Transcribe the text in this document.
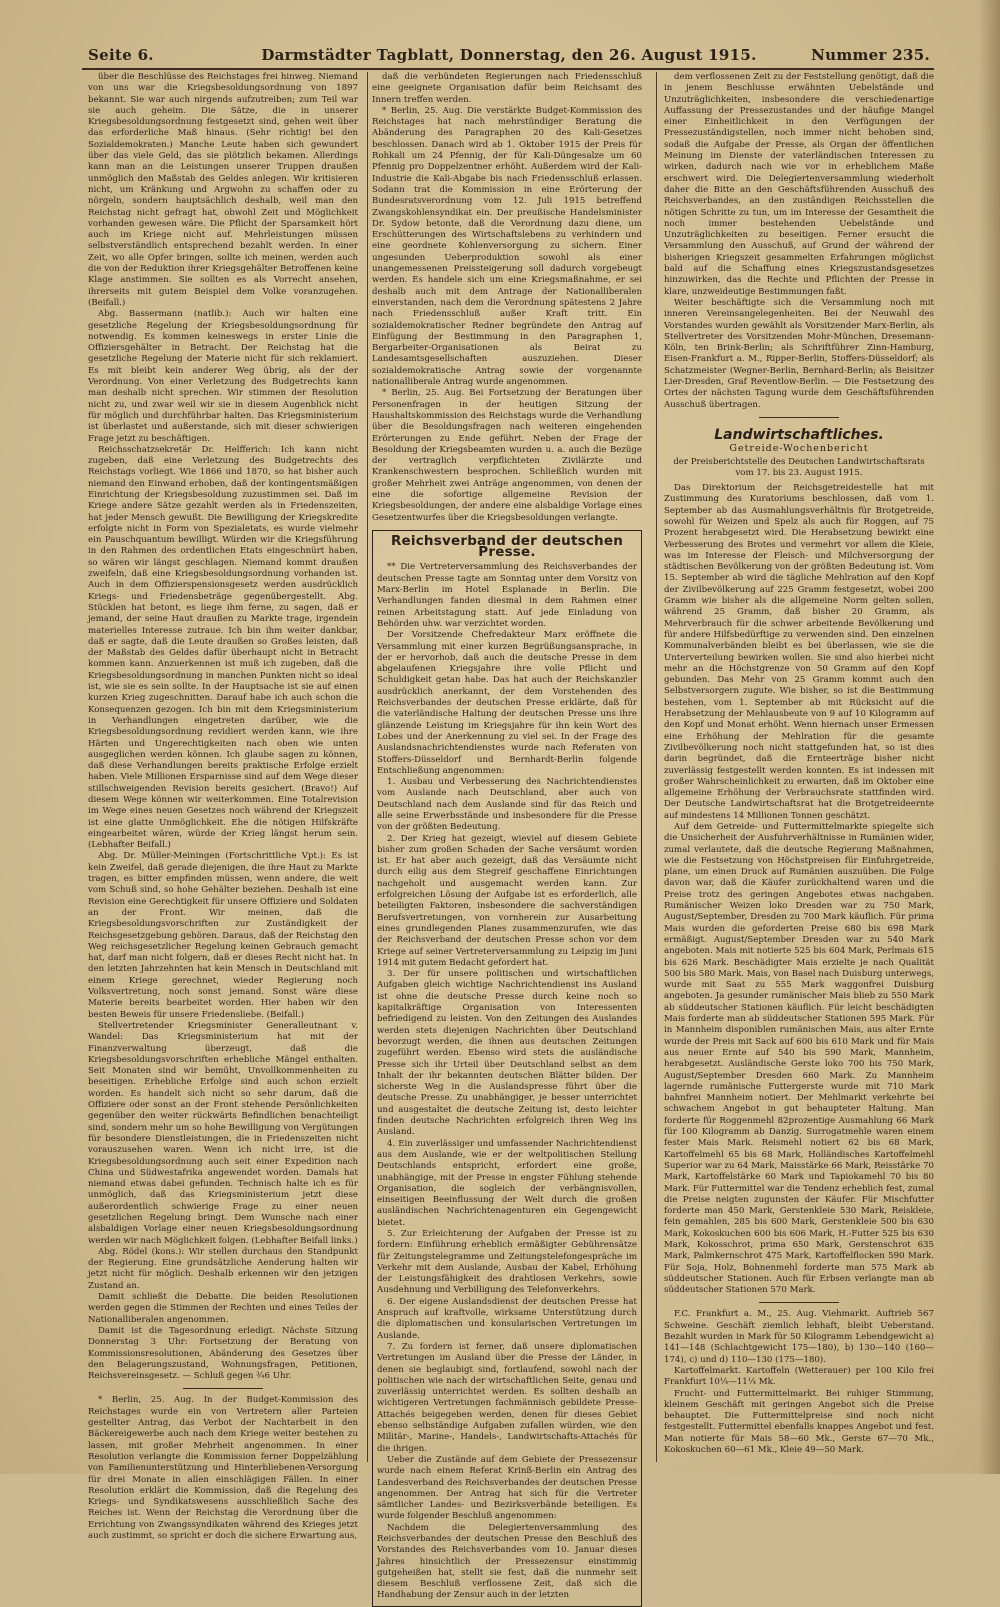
Darmstädter Tagblatt, Donnerstag, den 26. August 1915.
Seite 6.	Nummer 235.

über die Beschlüsse des Reichstages frei hinweg. Niemand von uns war die Kriegsbesoldungsordnung von 1897 bekannt. Sie war auch nirgends aufzutreiben; zum Teil war sie auch geheim. Die Sätze, die in unserer Kriegsbesoldungsordnung festgesetzt sind, gehen weit über das erforderliche Maß hinaus. (Sehr richtig! bei den Sozialdemokraten.) Manche Leute haben sich gewundert über das viele Geld, das sie plötzlich bekamen. Allerdings kann man an die Leistungen unserer Truppen draußen unmöglich den Maßstab des Geldes anlegen. Wir kritisieren nicht, um Kränkung und Argwohn zu schaffen oder zu nörgeln, sondern hauptsächlich deshalb, weil man den Reichstag nicht gefragt hat, obwohl Zeit und Möglichkeit vorhanden gewesen wäre. Die Pflicht der Sparsamkeit hört auch im Kriege nicht auf. Mehrleistungen müssen selbstverständlich entsprechend bezahlt werden. In einer Zeit, wo alle Opfer bringen, sollte ich meinen, werden auch die von der Reduktion ihrer Kriegsgehälter Betroffenen keine Klage anstimmen. Sie sollten es als Vorrecht ansehen, ihrerseits mit gutem Beispiel dem Volke voranzugehen. (Beifall.)

Abg. Bassermann (natlib.): Auch wir halten eine gesetzliche Regelung der Kriegsbesoldungsordnung für notwendig. Es kommen keineswegs in erster Linie die Offiziersgehälter in Betracht. Der Reichstag hat die gesetzliche Regelung der Materie nicht für sich reklamiert. Es mit bleibt kein anderer Weg übrig, als der der Verordnung. Von einer Verletzung des Budgetrechts kann man deshalb nicht sprechen. Wir stimmen der Resolution nicht zu, und zwar weil wir sie in diesem Augenblick nicht für möglich und durchführbar halten. Das Kriegsministerium ist überlastet und außerstande, sich mit dieser schwierigen Frage jetzt zu beschäftigen.

Reichsschatzsekretär Dr. Helfferich: Ich kann nicht zugeben, daß eine Verletzung des Budgetrechts des Reichstags vorliegt. Wie 1866 und 1870, so hat bisher auch niemand den Einwand erhoben, daß der kontingentsmäßigen Einrichtung der Kriegsbesoldung zuzustimmen sei. Daß im Kriege andere Sätze gezahlt werden als in Friedenszeiten, hat jeder Mensch gewußt. Die Bewilligung der Kriegskredite erfolgte nicht in Form von Spezialetats, es wurde vielmehr ein Pauschquantum bewilligt. Würden wir die Kriegsführung in den Rahmen des ordentlichen Etats eingeschnürt haben, so wären wir längst geschlagen. Niemand kommt draußen zweifeln, daß eine Kriegsbesoldungsordnung vorhanden ist. Auch in dem Offizierspensionsgesetz werden ausdrücklich Kriegs- und Friedensbeträge gegenübergestellt. Abg. Stücklen hat betont, es liege ihm ferne, zu sagen, daß er jemand, der seine Haut draußen zu Markte trage, irgendein materielles Interesse zutraue. Ich bin ihm weiter dankbar, daß er sagte, daß die Leute draußen so Großes leisten, daß der Maßstab des Geldes dafür überhaupt nicht in Betracht kommen kann. Anzuerkennen ist muß ich zugeben, daß die Kriegsbesoldungsordnung in manchen Punkten nicht so ideal ist, wie sie es sein sollte. In der Hauptsache ist sie auf einen kurzen Krieg zugeschnitten. Darauf habe ich auch schon die Konsequenzen gezogen. Ich bin mit dem Kriegsministerium in Verhandlungen eingetreten darüber, wie die Kriegsbesoldungsordnung revidiert werden kann, wie ihre Härten und Ungerechtigkeiten nach oben wie unten ausgeglichen werden können. Ich glaube sagen zu können, daß diese Verhandlungen bereits praktische Erfolge erzielt haben. Viele Millionen Ersparnisse sind auf dem Wege dieser stillschweigenden Revision bereits gesichert. (Bravo!) Auf diesem Wege können wir weiterkommen. Eine Totalrevision im Wege eines neuen Gesetzes noch während der Kriegszeit ist eine glatte Unmöglichkeit. Ehe die nötigen Hilfskräfte eingearbeitet wären, würde der Krieg längst herum sein. (Lebhafter Beifall.)

Abg. Dr. Müller-Meiningen (Fortschrittliche Vpt.): Es ist kein Zweifel, daß gerade diejenigen, die ihre Haut zu Markte tragen, es bitter empfinden müssen, wenn andere, die weit vom Schuß sind, so hohe Gehälter beziehen. Deshalb ist eine Revision eine Gerechtigkeit für unsere Offiziere und Soldaten an der Front. Wir meinen, daß die Kriegsbesoldungsvorschriften zur Zuständigkeit der Reichsgesetzgebung gehören. Daraus, daß der Reichstag den Weg reichsgesetzlicher Regelung keinen Gebrauch gemacht hat, darf man nicht folgern, daß er dieses Recht nicht hat. In den letzten Jahrzehnten hat kein Mensch in Deutschland mit einem Kriege gerechnet, wieder Regierung noch Volksvertretung, noch sonst jemand. Sonst wäre diese Materie bereits bearbeitet worden. Hier haben wir den besten Beweis für unsere Friedensliebe. (Beifall.)

Stellvertretender Kriegsminister Generalleutnant v. Wandel: Das Kriegsministerium hat mit der Finanzverwaltung überzeugt, daß die Kriegsbesoldungsvorschriften erhebliche Mängel enthalten. Seit Monaten sind wir bemüht, Unvollkommenheiten zu beseitigen. Erhebliche Erfolge sind auch schon erzielt worden. Es handelt sich nicht so sehr darum, daß die Offiziere oder sonst an der Front stehende Persönlichkeiten gegenüber den weiter rückwärts Befindlichen benachteiligt sind, sondern mehr um so hohe Bewilligung von Vergütungen für besondere Dienstleistungen, die in Friedenszeiten nicht vorauszusehen waren. Wenn ich nicht irre, ist die Kriegsbesoldungsordnung auch seit einer Expedition nach China und Südwestafrika angewendet worden. Damals hat niemand etwas dabei gefunden. Technisch halte ich es für unmöglich, daß das Kriegsministerium jetzt diese außerordentlich schwierige Frage zu einer neuen gesetzlichen Regelung bringt. Dem Wunsche nach einer alsbaldigen Vorlage einer neuen Kriegsbesoldungsordnung werden wir nach Möglichkeit folgen. (Lebhafter Beifall links.)

Abg. Rödel (kons.): Wir stellen durchaus den Standpunkt der Regierung. Eine grundsätzliche Aenderung halten wir jetzt nicht für möglich. Deshalb erkennen wir den jetzigen Zustand an.

Damit schließt die Debatte. Die beiden Resolutionen werden gegen die Stimmen der Rechten und eines Teiles der Nationalliberalen angenommen.

Damit ist die Tagesordnung erledigt. Nächste Sitzung Donnerstag 3 Uhr: Fortsetzung der Beratung von Kommissionsresolutionen, Abänderung des Gesetzes über den Belagerungszustand, Wohnungsfragen, Petitionen, Reichsvereinsgesetz. — Schluß gegen ¾6 Uhr.

* Berlin, 25. Aug. In der Budget-Kommission des Reichstages wurde ein von Vertretern aller Parteien gestellter Antrag, das Verbot der Nachtarbeit in den Bäckereigewerbe auch nach dem Kriege weiter bestehen zu lassen, mit großer Mehrheit angenommen. In einer Resolution verlangte die Kommission ferner Doppelzählung von Familienunterstützung und Hinterbliebenen-Versorgung für drei Monate in allen einschlägigen Fällen. In einer Resolution erklärt die Kommission, daß die Regelung des Kriegs- und Syndikatswesens ausschließlich Sache des Reiches ist. Wenn der Reichstag die Verordnung über die Errichtung von Zwangssyndikaten während des Krieges jetzt auch zustimmt, so spricht er doch die sichere Erwartung aus,

daß die verbündeten Regierungen nach Friedensschluß eine geeignete Organisation dafür beim Reichsamt des Innern treffen werden.

* Berlin, 25. Aug. Die verstärkte Budget-Kommission des Reichstages hat nach mehrstündiger Beratung die Abänderung des Paragraphen 20 des Kali-Gesetzes beschlossen. Danach wird ab 1. Oktober 1915 der Preis für Rohkali um 24 Pfennig, der für Kali-Düngesalze um 60 Pfennig pro Doppelzentner erhöht. Außerdem wird der Kali-Industrie die Kali-Abgabe bis nach Friedensschluß erlassen. Sodann trat die Kommission in eine Erörterung der Bundesratsverordnung vom 12. Juli 1915 betreffend Zwangskohlensyndikat ein. Der preußische Handelsminister Dr. Sydow betonte, daß die Verordnung dazu diene, um Erschütterungen des Wirtschaftslebens zu verhindern und eine geordnete Kohlenversorgung zu sichern. Einer ungesunden Ueberproduktion sowohl als einer unangemessenen Preissteigerung soll dadurch vorgebeugt werden. Es handele sich um eine Kriegsmaßnahme, er sei deshalb auch mit dem Antrage der Nationalliberalen einverstanden, nach dem die Verordnung spätestens 2 Jahre nach Friedensschluß außer Kraft tritt. Ein sozialdemokratischer Redner begründete den Antrag auf Einfügung der Bestimmung in den Paragraphen 1, Bergarbeiter-Organisationen als Beirat zu Landesamtsgesellschaften auszuziehen. Dieser sozialdemokratische Antrag sowie der vorgenannte nationalliberale Antrag wurde angenommen.

* Berlin, 25. Aug. Bei Fortsetzung der Beratungen über Personenfragen in der heutigen Sitzung der Haushaltskommission des Reichstags wurde die Verhandlung über die Besoldungsfragen nach weiteren eingehenden Erörterungen zu Ende geführt. Neben der Frage der Besoldung der Kriegsbeamten wurden u. a. auch die Bezüge der vertraglich verpflichteten Zivilärzte und Krankenschwestern besprochen. Schließlich wurden mit großer Mehrheit zwei Anträge angenommen, von denen der eine die sofortige allgemeine Revision der Kriegsbesoldungen, der andere eine alsbaldige Vorlage eines Gesetzentwurfes über die Kriegsbesoldungen verlangte.

Reichsverband der deutschen Presse.

** Die Vertreterversammlung des Reichsverbandes der deutschen Presse tagte am Sonntag unter dem Vorsitz von Marx-Berlin im Hotel Esplanade in Berlin. Die Verhandlungen fanden diesmal in dem Rahmen einer reinen Arbeitstagung statt. Auf jede Einladung von Behörden uhw. war verzichtet worden.

Der Vorsitzende Chefredakteur Marx eröffnete die Versammlung mit einer kurzen Begrüßungsansprache, in der er hervorhob, daß auch die deutsche Presse in dem abgelaufenen Kriegsjahre ihre volle Pflicht und Schuldigkeit getan habe. Das hat auch der Reichskanzler ausdrücklich anerkannt, der dem Vorstehenden des Reichsverbandes der deutschen Presse erklärte, daß für die vaterländische Haltung der deutschen Presse uns ihre glänzende Leistung im Kriegsjahre für ihn kein Wort des Lobes und der Anerkennung zu viel sei. In der Frage des Auslandsnachrichtendienstes wurde nach Referaten von Stoffers-Düsseldorf und Bernhardt-Berlin folgende Entschließung angenommen:

1. Ausbau und Verbesserung des Nachrichtendienstes vom Auslande nach Deutschland, aber auch von Deutschland nach dem Auslande sind für das Reich und alle seine Erwerbsstände und insbesondere für die Presse von der größten Bedeutung.

2. Der Krieg hat gezeigt, wieviel auf diesem Gebiete bisher zum großen Schaden der Sache versäumt worden ist. Er hat aber auch gezeigt, daß das Versäumte nicht durch eilig aus dem Stegreif geschaffene Einrichtungen nachgeholt und ausgemacht werden kann. Zur erfolgreichen Lösung der Aufgabe ist es erforderlich, alle beteiligten Faktoren, insbesondere die sachverständigen Berufsvertretungen, von vornherein zur Ausarbeitung eines grundlegenden Planes zusammenzurufen, wie das der Reichsverband der deutschen Presse schon vor dem Kriege auf seiner Vertreterversammlung zu Leipzig im Juni 1914 mit gutem Bedacht gefordert hat.

3. Der für unsere politischen und wirtschaftlichen Aufgaben gleich wichtige Nachrichtendienst ins Ausland ist ohne die deutsche Presse durch keine noch so kapitalkräftige Organisation von Interessenten befriedigend zu leisten. Von den Zeitungen des Auslandes werden stets diejenigen Nachrichten über Deutschland bevorzugt werden, die ihnen aus deutschen Zeitungen zugeführt werden. Ebenso wird stets die ausländische Presse sich ihr Urteil über Deutschland selbst an dem Inhalt der ihr bekannten deutschen Blätter bilden. Der sicherste Weg in die Auslandspresse führt über die deutsche Presse. Zu unabhängiger, je besser unterrichtet und ausgestaltet die deutsche Zeitung ist, desto leichter finden deutsche Nachrichten erfolgreich ihren Weg ins Ausland.

4. Ein zuverlässiger und umfassender Nachrichtendienst aus dem Auslande, wie er der weltpolitischen Stellung Deutschlands entspricht, erfordert eine große, unabhängige, mit der Presse in engster Fühlung stehende Organisation, die sogleich der verbängnisvollen, einseitigen Beeinflussung der Welt durch die großen ausländischen Nachrichtenagenturen ein Gegengewicht bietet.

5. Zur Erleichterung der Aufgaben der Presse ist zu fordern: Einführung erheblich ermäßigter Gebührensätze für Zeitungstelegramme und Zeitungstelefongespräche im Verkehr mit dem Auslande, Ausbau der Kabel, Erhöhung der Leistungsfähigkeit des drahtlosen Verkehrs, sowie Ausdehnung und Verbilligung des Telefonverkehrs.

6. Der eigene Auslandsdienst der deutschen Presse hat Anspruch auf kraftvolle, wirksame Unterstützung durch die diplomatischen und konsularischen Vertretungen im Auslande.

7. Zu fordern ist ferner, daß unsere diplomatischen Vertretungen im Ausland über die Presse der Länder, in denen sie beglaubigt sind, fortlaufend, sowohl nach der politischen wie nach der wirtschaftlichen Seite, genau und zuverlässig unterrichtet werden. Es sollten deshalb an wichtigeren Vertretungen fachmännisch gebildete Presse-Attachés beigegeben werden, denen für dieses Gebiet ebenso selbständige Aufgaben zufallen würden, wie den Militär-, Marine-, Handels-, Landwirtschafts-Attachés für die ihrigen.

Ueber die Zustände auf dem Gebiete der Pressezensur wurde nach einem Referat Krinß-Berlin ein Antrag des Landesverband des Reichsverbandes der deutschen Presse angenommen. Der Antrag hat sich für die Vertreter sämtlicher Landes- und Bezirksverbände beteiligen. Es wurde folgender Beschluß angenommen:

Nachdem die Delegiertenversammlung des Reichsverbandes der deutschen Presse den Beschluß des Vorstandes des Reichsverbandes vom 10. Januar dieses Jahres hinsichtlich der Pressezensur einstimmig gutgeheißen hat, stellt sie fest, daß die nunmehr seit diesem Beschluß verflossene Zeit, daß sich die Handhabung der Zensur auch in der letzten

dem verflossenen Zeit zu der Feststellung genötigt, daß die in jenem Beschlusse erwähnten Uebelstände und Unzuträglichkeiten, insbesondere die verschiedenartige Auffassung der Pressezustandes und der häufige Mangel einer Einheitlichkeit in den Verfügungen der Pressezuständigstellen, noch immer nicht behoben sind, sodaß die Aufgabe der Presse, als Organ der öffentlichen Meinung im Dienste der vaterländischen Interessen zu wirken, dadurch nach wie vor in erheblichem Maße erschwert wird. Die Delegiertenversammlung wiederholt daher die Bitte an den Geschäftsführenden Ausschuß des Reichsverbandes, an den zuständigen Reichsstellen die nötigen Schritte zu tun, um im Interesse der Gesamtheit die noch immer bestehenden Uebelstände und Unzuträglichkeiten zu beseitigen. Ferner ersucht die Versammlung den Ausschuß, auf Grund der während der bisherigen Kriegszeit gesammelten Erfahrungen möglichst bald auf die Schaffung eines Kriegszustandsgesetzes hinzuwirken, das die Rechte und Pflichten der Presse in klare, unzweideutige Bestimmungen faßt.

Weiter beschäftigte sich die Versammlung noch mit inneren Vereinsangelegenheiten. Bei der Neuwahl des Vorstandes wurden gewählt als Vorsitzender Marx-Berlin, als Stellvertreter des Vorsitzenden Mohr-München, Dresemann-Köln, ten Brink-Berlin; als Schriftführer Zinn-Hamburg, Eisen-Frankfurt a. M., Ripper-Berlin, Stoffers-Düsseldorf; als Schatzmeister (Wegner-Berlin, Bernhard-Berlin; als Beisitzer Lier-Dresden, Graf Reventlow-Berlin. — Die Festsetzung des Ortes der nächsten Tagung wurde dem Geschäftsführenden Ausschuß übertragen.

Landwirtschaftliches.
Getreide-Wochenbericht
der Preisberichtstelle des Deutschen Landwirtschaftsrats vom 17. bis 23. August 1915.

Das Direktorium der Reichsgetreidestelle hat mit Zustimmung des Kuratoriums beschlossen, daß vom 1. September ab das Ausmahlungsverhältnis für Brotgetreide, sowohl für Weizen und Spelz als auch für Roggen, auf 75 Prozent herabgesetzt wird. Die Herabsetzung bewirkt eine Verbesserung des Brotes und vermehrt vor allem die Kleie, was im Interesse der Fleisch- und Milchversorgung der städtischen Bevölkerung von der größten Bedeutung ist. Vom 15. September ab wird die tägliche Mehlration auf den Kopf der Zivilbevölkerung auf 225 Gramm festgesetzt, wobei 200 Gramm wie bisher als die allgemeine Norm gelten sollen, während 25 Gramm, daß bisher 20 Gramm, als Mehrverbrauch für die schwer arbeitende Bevölkerung und für andere Hilfsbedürftige zu verwenden sind. Den einzelnen Kommunalverbänden bleibt es bei überlassen, wie sie die Unterverteilung bewirken wollen. Sie sind also hierbei nicht mehr an die Höchstgrenze von 50 Gramm auf den Kopf gebunden. Das Mehr von 25 Gramm kommt auch den Selbstversorgern zugute. Wie bisher, so ist die Bestimmung bestehen, vom 1. September ab mit Rücksicht auf die Herabsetzung der Mehlausbeute von 9 auf 10 Kilogramm auf den Kopf und Monat erhöht. Wenn hiernach unser Ermessen eine Erhöhung der Mehlration für die gesamte Zivilbevölkerung noch nicht stattgefunden hat, so ist dies darin begründet, daß die Ernteerträge bisher nicht zuverlässig festgestellt werden konnten. Es ist indessen mit großer Wahrscheinlichkeit zu erwarten, daß im Oktober eine allgemeine Erhöhung der Verbrauchsrate stattfinden wird. Der Deutsche Landwirtschaftsrat hat die Brotgetreideernte auf mindestens 14 Millionen Tonnen geschätzt.

Auf dem Getreide- und Futtermittelmarkte spiegelte sich die Unsicherheit der Ausfuhrverhältnisse in Rumänien wider, zumal verlautete, daß die deutsche Regierung Maßnahmen, wie die Festsetzung von Höchstpreisen für Einfuhrgetreide, plane, um einen Druck auf Rumänien auszuüben. Die Folge davon war, daß die Käufer zurückhaltend waren und die Preise trotz des geringen Angebotes etwas nachgaben. Rumänischer Weizen loko Dresden war zu 750 Mark, August/September, Dresden zu 700 Mark käuflich. Für prima Mais wurden die geforderten Preise 680 bis 698 Mark ermäßigt. August/September Dresden war zu 540 Mark angeboten. Mais mit notierte 525 bis 604 Mark, Perlmais 615 bis 626 Mark. Beschädigter Mais erzielte je nach Qualität 500 bis 580 Mark. Mais, von Basel nach Duisburg unterwegs, wurde mit Saat zu 555 Mark waggonfrei Duisburg angeboten. Ja gesunder rumänischer Mais blieb zu 550 Mark ab süddeutscher Stationen käuflich. Für leicht beschädigten Mais forderte man ab süddeutscher Stationen 595 Mark. Für in Mannheim disponiblen rumänischen Mais, aus alter Ernte wurde der Preis mit Sack auf 600 bis 610 Mark und für Mais aus neuer Ernte auf 540 bis 590 Mark, Mannheim, herabgesetzt. Ausländische Gerste loko 700 bis 750 Mark, August/September Dresden 660 Mark. Zu Mannheim lagernde rumänische Futtergerste wurde mit 710 Mark bahnfrei Mannheim notiert. Der Mehlmarkt verkehrte bei schwachem Angebot in gut behaupteter Haltung. Man forderte für Roggenmehl 82prozentige Ausmahlung 66 Mark für 100 Kilogramm ab Danzig. Surrogatmehle waren einem fester Mais Mark. Reismehl notiert 62 bis 68 Mark, Kartoffelmehl 65 bis 68 Mark, Holländisches Kartoffelmehl Superior war zu 64 Mark, Maisstärke 66 Mark, Reisstärke 70 Mark, Kartoffelstärke 60 Mark und Tapiokamehl 70 bis 80 Mark. Für Futtermittel war die Tendenz erheblich fest, zumal die Preise neigten zugunsten der Käufer. Für Mischfutter forderte man 450 Mark, Gerstenkleie 530 Mark, Reiskleie, fein gemahlen, 285 bis 600 Mark, Gerstenkleie 500 bis 630 Mark, Kokoskuchen 600 bis 606 Mark, H.-Futter 525 bis 630 Mark, Kokosschrot, prima 650 Mark, Gerstenschrot 635 Mark, Palmkernschrot 475 Mark, Kartoffelflocken 590 Mark. Für Soja, Holz, Bohnenmehl forderte man 575 Mark ab süddeutscher Stationen. Auch für Erbsen verlangte man ab süddeutscher Stationen 570 Mark.

F.C. Frankfurt a. M., 25. Aug. Viehmarkt. Auftrieb 567 Schweine. Geschäft ziemlich lebhaft, bleibt Ueberstand. Bezahlt wurden in Mark für 50 Kilogramm Lebendgewicht a) 141—148 (Schlachtgewicht 175—180), b) 130—140 (160—174), c) und d) 110—130 (175—180).

Kartoffelmarkt. Kartoffeln (Wetterauer) per 100 Kilo frei Frankfurt 10¼—11¼ Mk.

Frucht- und Futtermittelmarkt. Bei ruhiger Stimmung, kleinem Geschäft mit geringen Angebot sich die Preise behauptet. Die Futtermittelpreise sind noch nicht festgestellt. Futtermittel ebenfalls knappes Angebot und fest. Man notierte für Mais 58—60 Mk., Gerste 67—70 Mk., Kokoskuchen 60—61 Mk., Kleie 49—50 Mark.
